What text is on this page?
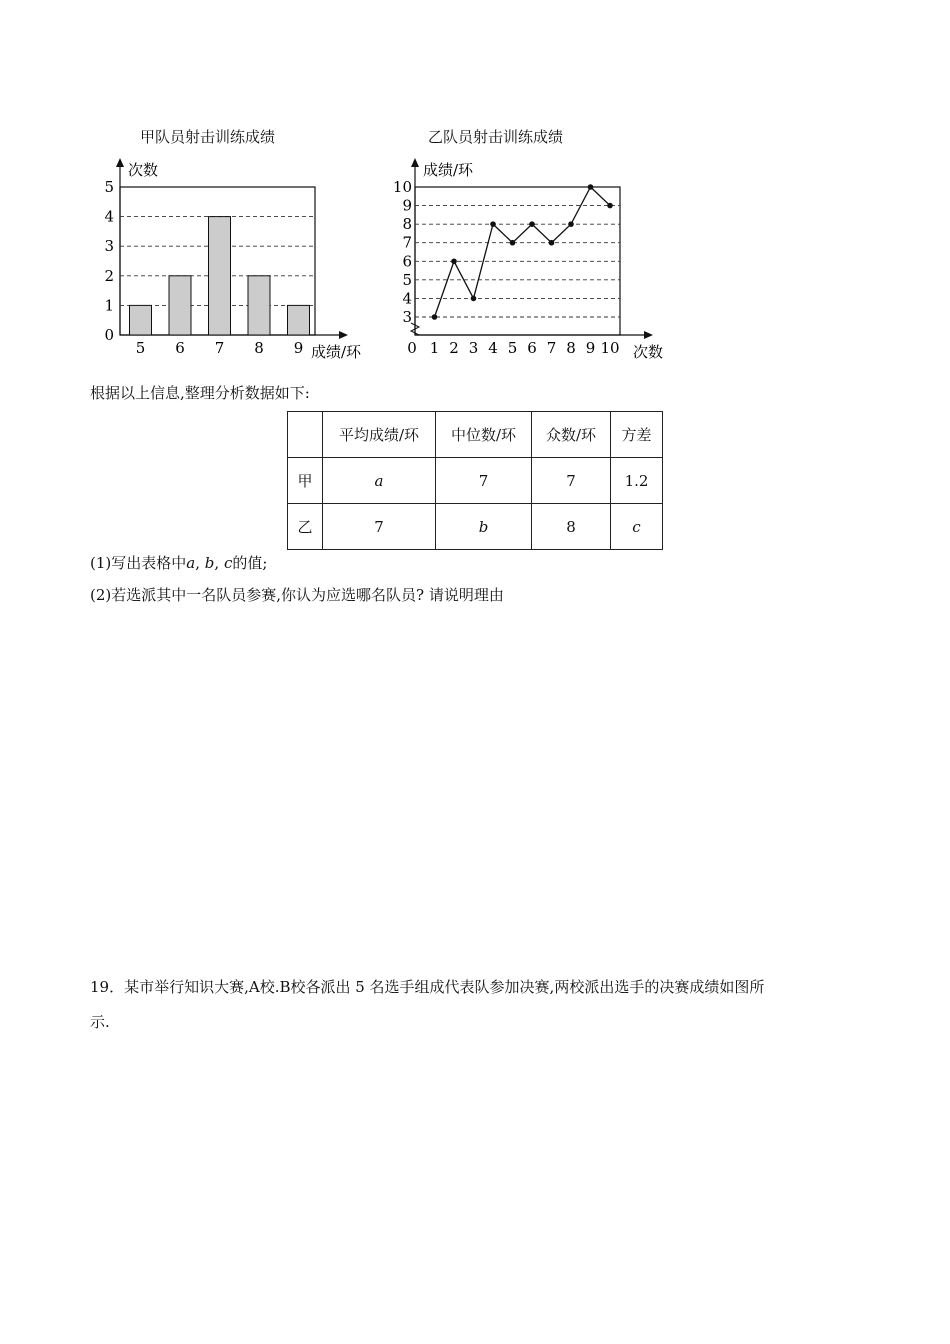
甲队员射击训练成绩
0
1
2
3
4
5
5 6 7 8 9
次数
成绩/环
乙队员射击训练成绩
3
4
5
6
7
8
9
10
0 1 2 3 4 5 6 7 8 9 10
成绩/环
次数
根据以上信息,整理分析数据如下:
	平均成绩/环	中位数/环	众数/环	方差
甲	a	7	7	1.2
乙	7	b	8	c
(1)写出表格中a, b, c的值;
(2)若选派其中一名队员参赛,你认为应选哪名队员? 请说明理由
19．某市举行知识大赛,A校.B校各派出 5 名选手组成代表队参加决赛,两校派出选手的决赛成绩如图所
示.
